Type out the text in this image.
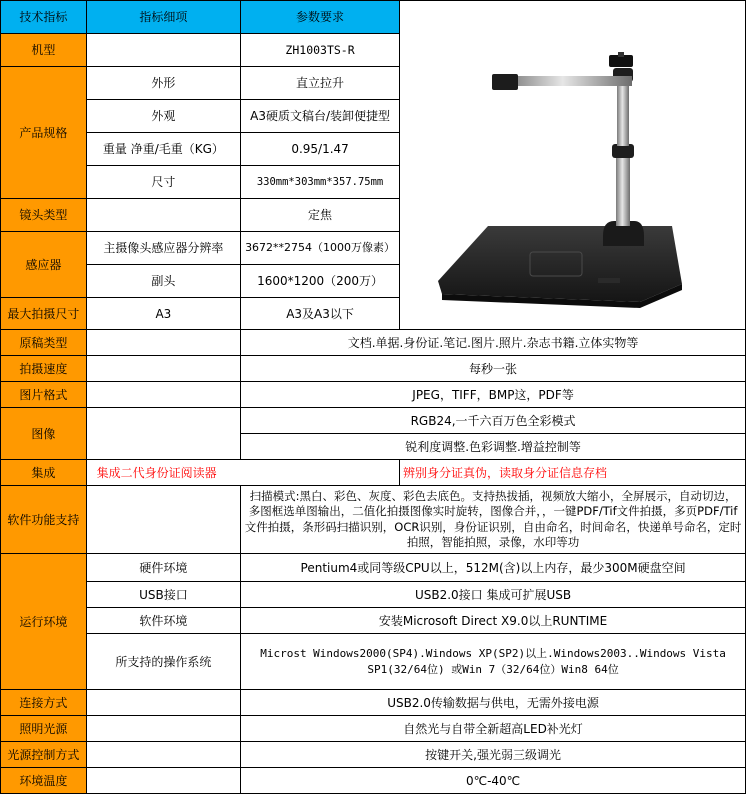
技术指标	指标细项	参数要求	

机型		ZH1003TS-R	
产品规格	外形	直立拉升	
	外观	A3硬质文稿台/装卸便捷型	
	重量 净重/毛重（KG）	0.95/1.47	
	尺寸	330mm*303mm*357.75mm	
镜头类型		定焦	
感应器	主摄像头感应器分辨率	3672**2754（1000万像素）	
	副头	1600*1200（200万）	
最大拍摄尺寸	A3	A3及A3以下	
原稿类型		文档.单据.身份证.笔记.图片.照片.杂志书籍.立体实物等	
拍摄速度		每秒一张	
图片格式		JPEG，TIFF，BMP这，PDF等	
图像		RGB24,一千六百万色全彩模式	
		锐利度调整.色彩调整.增益控制等	
集成	集成二代身份证阅读器		辨别身分证真伪，读取身分证信息存档
软件功能支持		扫描模式:黑白、彩色、灰度、彩色去底色。支持热拔插，视频放大缩小，全屏展示，自动切边，多图框选单图输出，二值化拍摄图像实时旋转，图像合并，，一键PDF/Tif文件拍摄，多页PDF/Tif文件拍摄，条形码扫描识别，OCR识别，身份证识别，自由命名，时间命名，快递单号命名，定时拍照，智能拍照，录像，水印等功	
运行环境	硬件环境	Pentium4或同等级CPU以上，512M(含)以上内存，最少300M硬盘空间	
	USB接口	USB2.0接口 集成可扩展USB	
	软件环境	安装Microsoft Direct X9.0以上RUNTIME	
	所支持的操作系统	Microst Windows2000(SP4).Windows XP(SP2)以上.Windows2003..Windows Vista SP1(32/64位) 或Win 7（32/64位）Win8 64位	
连接方式		USB2.0传输数据与供电，无需外接电源	
照明光源		自然光与自带全新超高LED补光灯	
光源控制方式		按键开关,强光弱三级调光	
环境温度		0℃-40℃	
